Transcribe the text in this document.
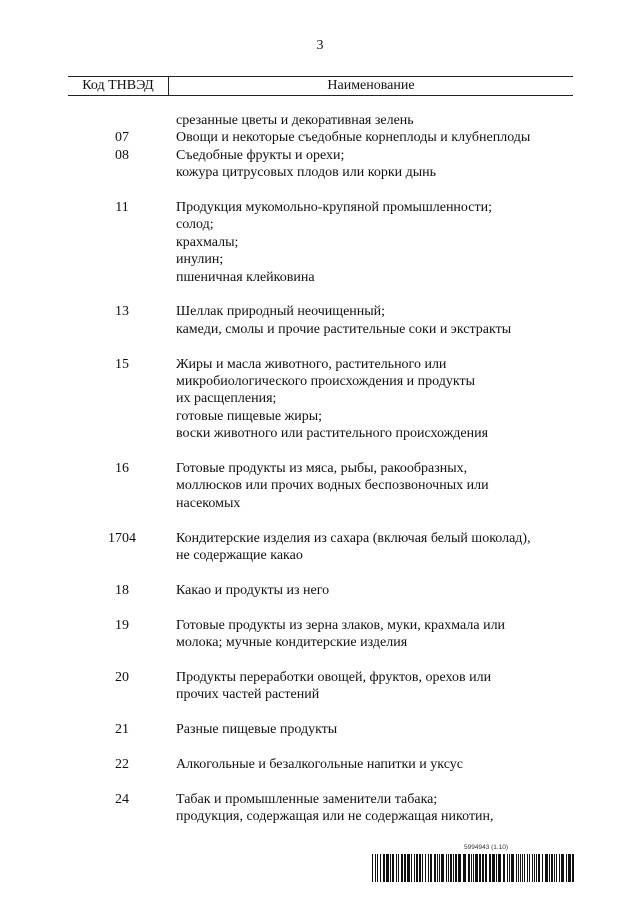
3
Код ТНВЭД	Наименование
срезанные цветы и декоративная зелень
07	Овощи и некоторые съедобные корнеплоды и клубнеплоды
08	Съедобные фрукты и орехи;
кожура цитрусовых плодов или корки дынь
11	Продукция мукомольно-крупяной промышленности;
солод;
крахмалы;
инулин;
пшеничная клейковина
13	Шеллак природный неочищенный;
камеди, смолы и прочие растительные соки и экстракты
15	Жиры и масла животного, растительного или
микробиологического происхождения и продукты
их расщепления;
готовые пищевые жиры;
воски животного или растительного происхождения
16	Готовые продукты из мяса, рыбы, ракообразных,
моллюсков или прочих водных беспозвоночных или
насекомых
1704	Кондитерские изделия из сахара (включая белый шоколад),
не содержащие какао
18	Какао и продукты из него
19	Готовые продукты из зерна злаков, муки, крахмала или
молока; мучные кондитерские изделия
20	Продукты переработки овощей, фруктов, орехов или
прочих частей растений
21	Разные пищевые продукты
22	Алкогольные и безалкогольные напитки и уксус
24	Табак и промышленные заменители табака;
продукция, содержащая или не содержащая никотин,
5994943 (1.10)
